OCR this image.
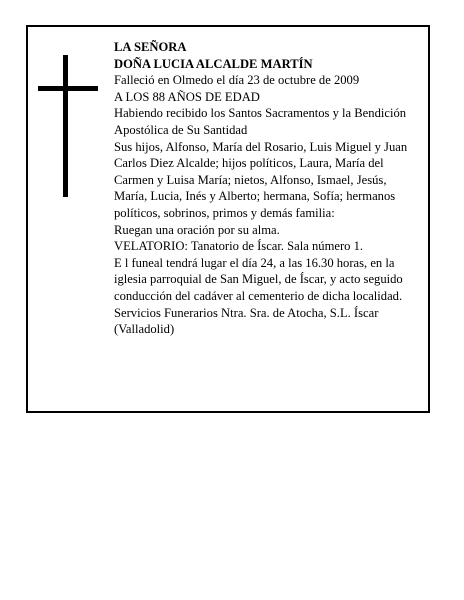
LA SEÑORA

DOÑA LUCIA ALCALDE MARTÍN

Falleció en Olmedo el día 23 de octubre de 2009

A LOS 88 AÑOS DE EDAD

Habiendo recibido los Santos Sacramentos y la Bendición Apostólica de Su Santidad

Sus hijos, Alfonso, María del Rosario, Luis Miguel y Juan Carlos Diez Alcalde; hijos políticos, Laura, María del Carmen y Luisa María; nietos, Alfonso, Ismael, Jesús, María, Lucia, Inés y Alberto; hermana, Sofía; hermanos políticos, sobrinos, primos y demás familia:

Ruegan una oración por su alma.

VELATORIO: Tanatorio de Íscar. Sala número 1.

E l funeal tendrá lugar el día 24, a las 16.30 horas, en la iglesia parroquial de San Miguel, de Íscar, y acto seguido conducción del cadáver al cementerio de dicha localidad.

Servicios Funerarios Ntra. Sra. de Atocha, S.L. Íscar (Valladolid)
